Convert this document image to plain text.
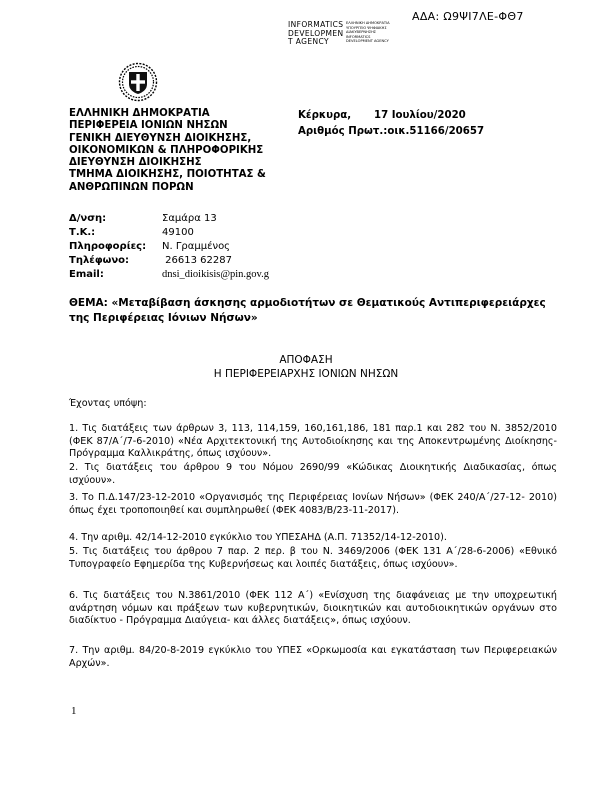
ΑΔΑ: Ω9ΨΙ7ΛΕ-ΦΘ7
INFORMATICS
DEVELOPMEN
T AGENCY
ΕΛΛΗΝΙΚΗ ΔΗΜΟΚΡΑΤΙΑ
ΥΠΟΥΡΓΕΙΟ ΨΗΦΙΑΚΗΣ
ΔΙΑΚΥΒΕΡΝΗΣΗΣ
INFORMATICS
DEVELOPMENT AGENCY
ΕΛΛΗΝΙΚΗ ΔΗΜΟΚΡΑΤΙΑ
ΠΕΡΙΦΕΡΕΙΑ ΙΟΝΙΩΝ ΝΗΣΩΝ
ΓΕΝΙΚΗ ΔΙΕΥΘΥΝΣΗ ΔΙΟΙΚΗΣΗΣ,
ΟΙΚΟΝΟΜΙΚΩΝ & ΠΛΗΡΟΦΟΡΙΚΗΣ
ΔΙΕΥΘΥΝΣΗ ΔΙΟΙΚΗΣΗΣ
ΤΜΗΜΑ ΔΙΟΙΚΗΣΗΣ, ΠΟΙΟΤΗΤΑΣ &
ΑΝΘΡΩΠΙΝΩΝ ΠΟΡΩΝ
Κέρκυρα, 17 Ιουλίου/2020
Αριθμός Πρωτ.:οικ.51166/20657
Δ/νση:	Σαμάρα 13
Τ.Κ.:	49100
Πληροφορίες: Ν. Γραμμένος
Τηλέφωνο:	26613 62287
Email:	dnsi_dioikisis@pin.gov.g
ΘΕΜΑ: «Μεταβίβαση άσκησης αρμοδιοτήτων σε Θεματικούς Αντιπεριφερειάρχες της Περιφέρειας Ιόνιων Νήσων»
ΑΠΟΦΑΣΗ
Η ΠΕΡΙΦΕΡΕΙΑΡΧΗΣ ΙΟΝΙΩΝ ΝΗΣΩΝ
Έχοντας υπόψη:
1. Τις διατάξεις των άρθρων 3, 113, 114,159, 160,161,186, 181 παρ.1 και 282 του Ν. 3852/2010 (ΦΕΚ 87/Α΄/7-6-2010) «Νέα Αρχιτεκτονική της Αυτοδιοίκησης και της Αποκεντρωμένης Διοίκησης- Πρόγραμμα Καλλικράτης, όπως ισχύουν».
2. Τις διατάξεις του άρθρου 9 του Νόμου 2690/99 «Κώδικας Διοικητικής Διαδικασίας, όπως ισχύουν».
3. Το Π.Δ.147/23-12-2010 «Οργανισμός της Περιφέρειας Ιονίων Νήσων» (ΦΕΚ 240/Α΄/27-12- 2010) όπως έχει τροποποιηθεί και συμπληρωθεί (ΦΕΚ 4083/Β/23-11-2017).
4. Την αριθμ. 42/14-12-2010 εγκύκλιο του ΥΠΕΣΑΗΔ (Α.Π. 71352/14-12-2010).
5. Τις διατάξεις του άρθρου 7 παρ. 2 περ. β του Ν. 3469/2006 (ΦΕΚ 131 Α΄/28-6-2006) «Εθνικό Τυπογραφείο Εφημερίδα της Κυβερνήσεως και λοιπές διατάξεις, όπως ισχύουν».
6. Τις διατάξεις του Ν.3861/2010 (ΦΕΚ 112 Α΄) «Ενίσχυση της διαφάνειας με την υποχρεωτική ανάρτηση νόμων και πράξεων των κυβερνητικών, διοικητικών και αυτοδιοικητικών οργάνων στο διαδίκτυο - Πρόγραμμα Διαύγεια- και άλλες διατάξεις», όπως ισχύουν.
7. Την αριθμ. 84/20-8-2019 εγκύκλιο του ΥΠΕΣ «Ορκωμοσία και εγκατάσταση των Περιφερειακών Αρχών».
1
